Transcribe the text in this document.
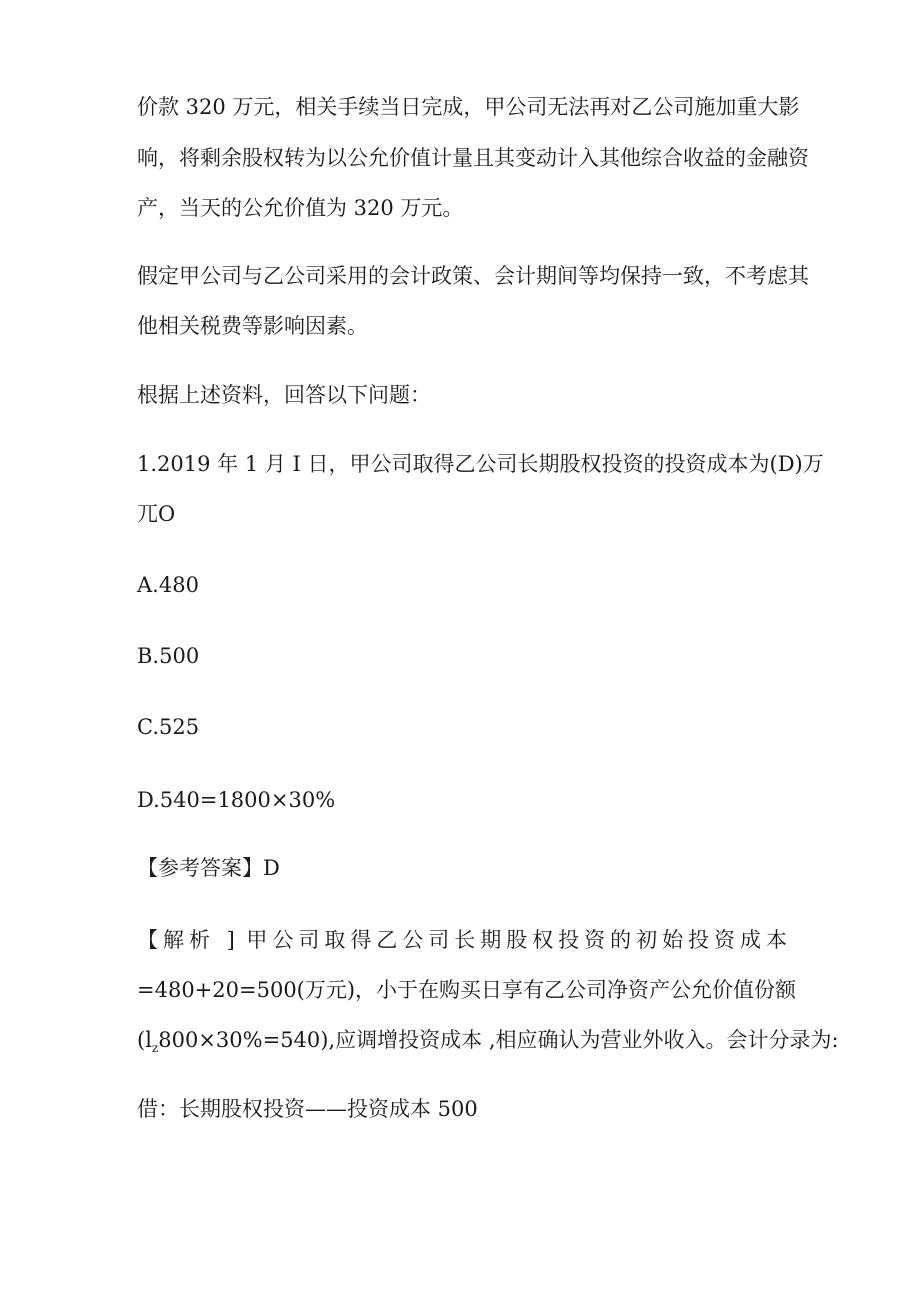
价款 320 万元，相关手续当日完成，甲公司无法再对乙公司施加重大影

响，将剩余股权转为以公允价值计量且其变动计入其他综合收益的金融资

产，当天的公允价值为 320 万元。

假定甲公司与乙公司采用的会计政策、会计期间等均保持一致，不考虑其

他相关税费等影响因素。

根据上述资料，回答以下问题：

1.2019 年 1 月 I 日，甲公司取得乙公司长期股权投资的投资成本为(D)万

兀O

A.480

B.500

C.525

D.540=1800×30%

【参考答案】D

【解析 ] 甲公司取得乙公司长期股权投资的初始投资成本

=480+20=500(万元)，小于在购买日享有乙公司净资产公允价值份额

$(l_z800\times 30\%=540)$,应调增投资成本 ,相应确认为营业外收入。会计分录为:

借：长期股权投资——投资成本 500
